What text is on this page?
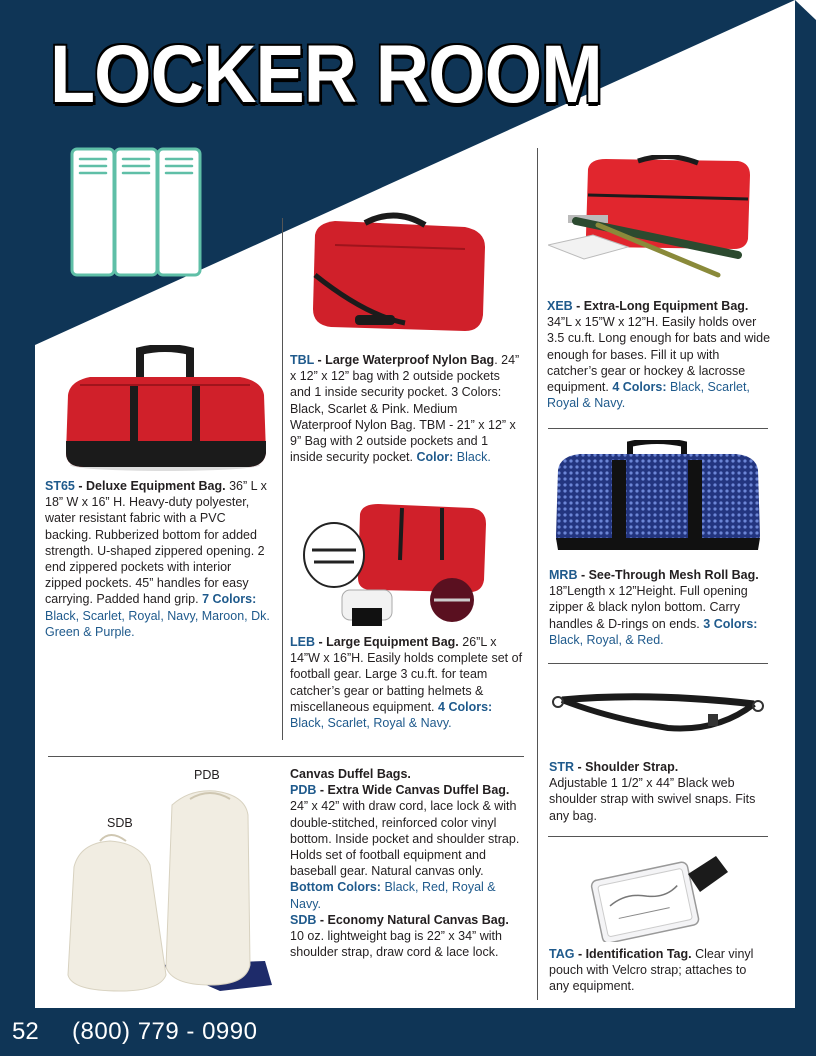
LOCKER ROOM
ST65 - Deluxe Equipment Bag. 36” L x 18” W x 16” H. Heavy-duty polyester, water resistant fabric with a PVC backing. Rubberized bottom for added strength. U-shaped zippered opening. 2 end zippered pockets with interior zipped pockets. 45” handles for easy carrying. Padded hand grip. 7 Colors: Black, Scarlet, Royal, Navy, Maroon, Dk. Green & Purple.
TBL - Large Waterproof Nylon Bag. 24” x 12” x 12” bag with 2 outside pockets and 1 inside security pocket. 3 Colors: Black, Scarlet & Pink. Medium Waterproof Nylon Bag. TBM - 21” x 12” x 9” Bag with 2 outside pockets and 1 inside security pocket. Color: Black.
LEB - Large Equipment Bag. 26”L x 14”W x 16”H. Easily holds complete set of football gear. Large 3 cu.ft. for team catcher’s gear or batting helmets & miscellaneous equipment. 4 Colors: Black, Scarlet, Royal & Navy.
XEB - Extra-Long Equipment Bag. 34”L x 15”W x 12”H. Easily holds over 3.5 cu.ft. Long enough for bats and wide enough for bases. Fill it up with catcher’s gear or hockey & lacrosse equipment. 4 Colors: Black, Scarlet, Royal & Navy.
MRB - See-Through Mesh Roll Bag. 18”Length x 12”Height. Full opening zipper & black nylon bottom. Carry handles & D-rings on ends. 3 Colors: Black, Royal, & Red.
STR - Shoulder Strap.
Adjustable 1 1/2” x 44” Black web shoulder strap with swivel snaps. Fits any bag.
TAG - Identification Tag. Clear vinyl pouch with Velcro strap; attaches to any equipment.
PDB
SDB
Canvas Duffel Bags.
PDB - Extra Wide Canvas Duffel Bag. 24” x 42” with draw cord, lace lock & with double-stitched, reinforced color vinyl bottom. Inside pocket and shoulder strap. Holds set of football equipment and baseball gear. Natural canvas only. Bottom Colors: Black, Red, Royal & Navy.
SDB - Economy Natural Canvas Bag. 10 oz. lightweight bag is 22” x 34” with shoulder strap, draw cord & lace lock.
52 (800) 779 - 0990
